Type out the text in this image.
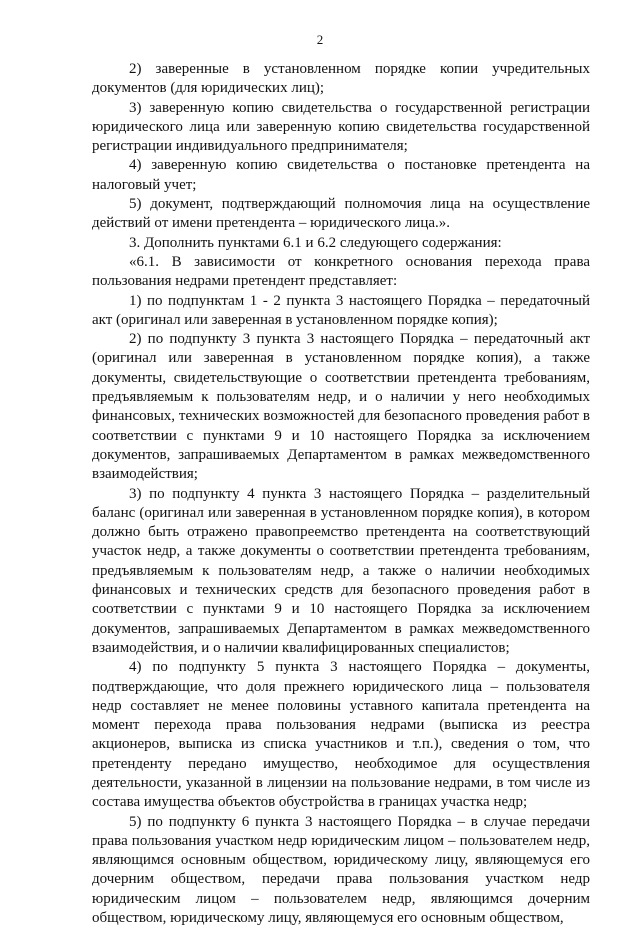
2

2) заверенные в установленном порядке копии учредительных документов (для юридических лиц);

3) заверенную копию свидетельства о государственной регистрации юридического лица или заверенную копию свидетельства государственной регистрации индивидуального предпринимателя;

4) заверенную копию свидетельства о постановке претендента на налоговый учет;

5) документ, подтверждающий полномочия лица на осуществление действий от имени претендента – юридического лица.».

3. Дополнить пунктами 6.1 и 6.2 следующего содержания:

«6.1. В зависимости от конкретного основания перехода права пользования недрами претендент представляет:

1) по подпунктам 1 - 2 пункта 3 настоящего Порядка – передаточный акт (оригинал или заверенная в установленном порядке копия);

2) по подпункту 3 пункта 3 настоящего Порядка – передаточный акт (оригинал или заверенная в установленном порядке копия), а также документы, свидетельствующие о соответствии претендента требованиям, предъявляемым к пользователям недр, и о наличии у него необходимых финансовых, технических возможностей для безопасного проведения работ в соответствии с пунктами 9 и 10 настоящего Порядка за исключением документов, запрашиваемых Департаментом в рамках межведомственного взаимодействия;

3) по подпункту 4 пункта 3 настоящего Порядка – разделительный баланс (оригинал или заверенная в установленном порядке копия), в котором должно быть отражено правопреемство претендента на соответствующий участок недр, а также документы о соответствии претендента требованиям, предъявляемым к пользователям недр, а также о наличии необходимых финансовых и технических средств для безопасного проведения работ в соответствии с пунктами 9 и 10 настоящего Порядка за исключением документов, запрашиваемых Департаментом в рамках межведомственного взаимодействия, и о наличии квалифицированных специалистов;

4) по подпункту 5 пункта 3 настоящего Порядка – документы, подтверждающие, что доля прежнего юридического лица – пользователя недр составляет не менее половины уставного капитала претендента на момент перехода права пользования недрами (выписка из реестра акционеров, выписка из списка участников и т.п.), сведения о том, что претенденту передано имущество, необходимое для осуществления деятельности, указанной в лицензии на пользование недрами, в том числе из состава имущества объектов обустройства в границах участка недр;

5) по подпункту 6 пункта 3 настоящего Порядка – в случае передачи права пользования участком недр юридическим лицом – пользователем недр, являющимся основным обществом, юридическому лицу, являющемуся его дочерним обществом, передачи права пользования участком недр юридическим лицом – пользователем недр, являющимся дочерним обществом, юридическому лицу, являющемуся его основным обществом,
